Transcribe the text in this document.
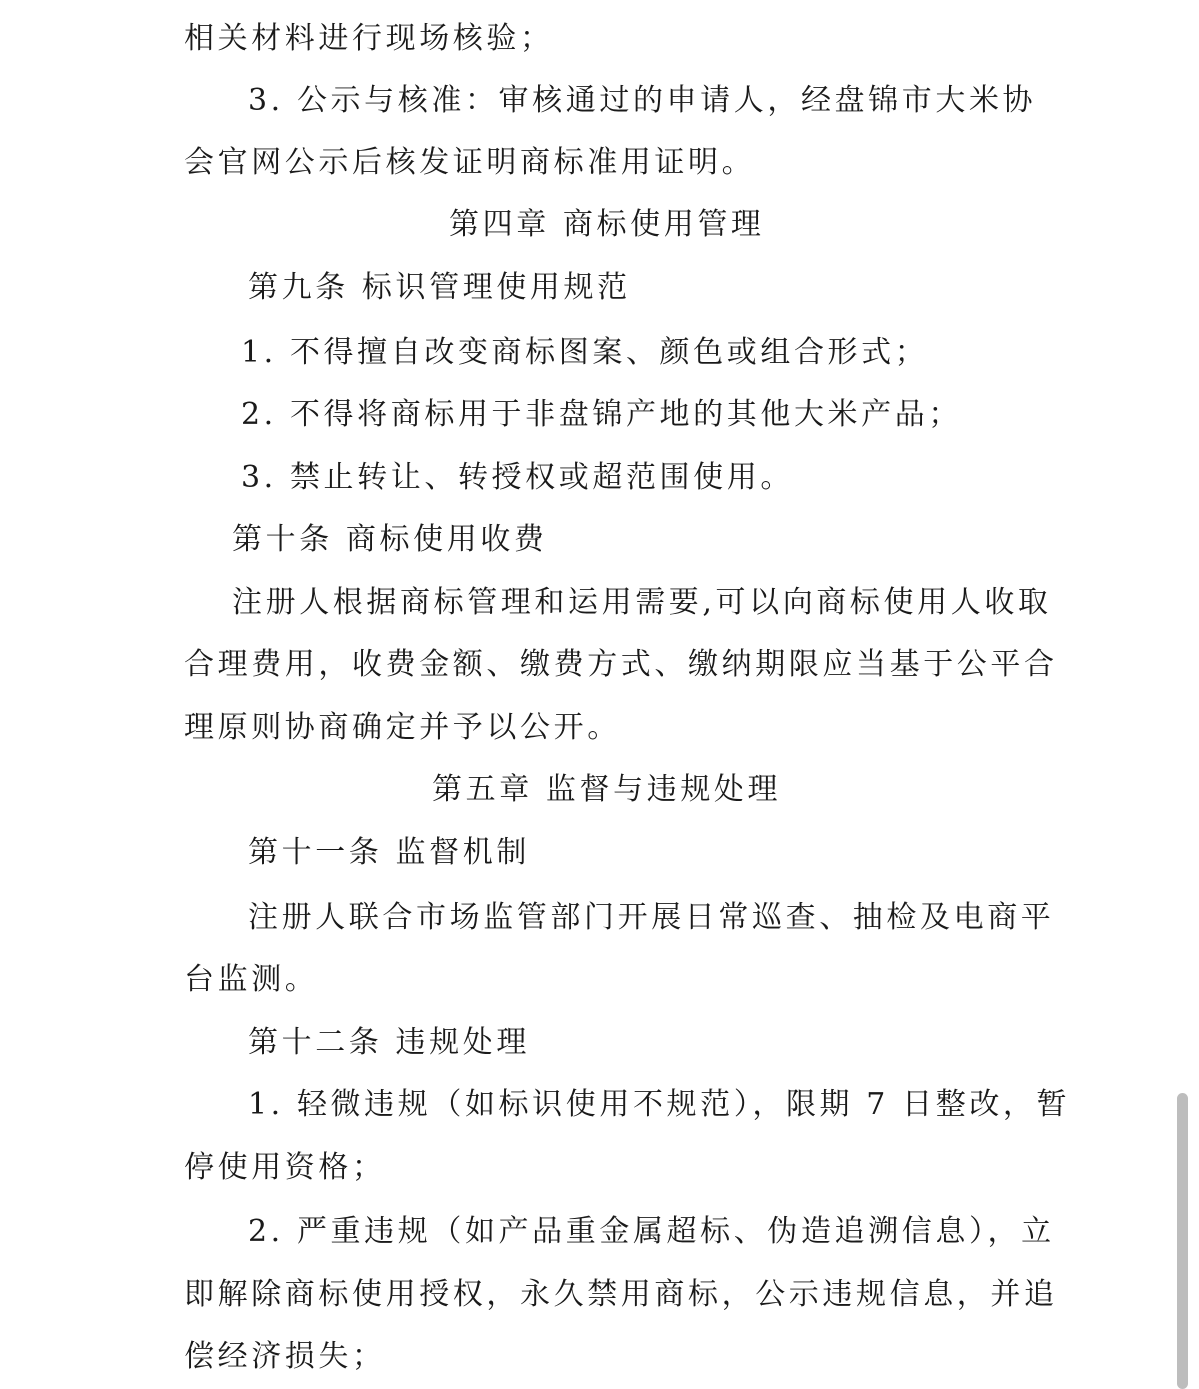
相关材料进行现场核验；
3. 公示与核准：审核通过的申请人，经盘锦市大米协
会官网公示后核发证明商标准用证明。
第四章 商标使用管理
第九条 标识管理使用规范
1. 不得擅自改变商标图案、颜色或组合形式；
2. 不得将商标用于非盘锦产地的其他大米产品；
3. 禁止转让、转授权或超范围使用。
第十条 商标使用收费
注册人根据商标管理和运用需要,可以向商标使用人收取
合理费用，收费金额、缴费方式、缴纳期限应当基于公平合
理原则协商确定并予以公开。
第五章 监督与违规处理
第十一条 监督机制
注册人联合市场监管部门开展日常巡查、抽检及电商平
台监测。
第十二条 违规处理
1. 轻微违规（如标识使用不规范），限期 7 日整改，暂
停使用资格；
2. 严重违规（如产品重金属超标、伪造追溯信息），立
即解除商标使用授权，永久禁用商标，公示违规信息，并追
偿经济损失；
